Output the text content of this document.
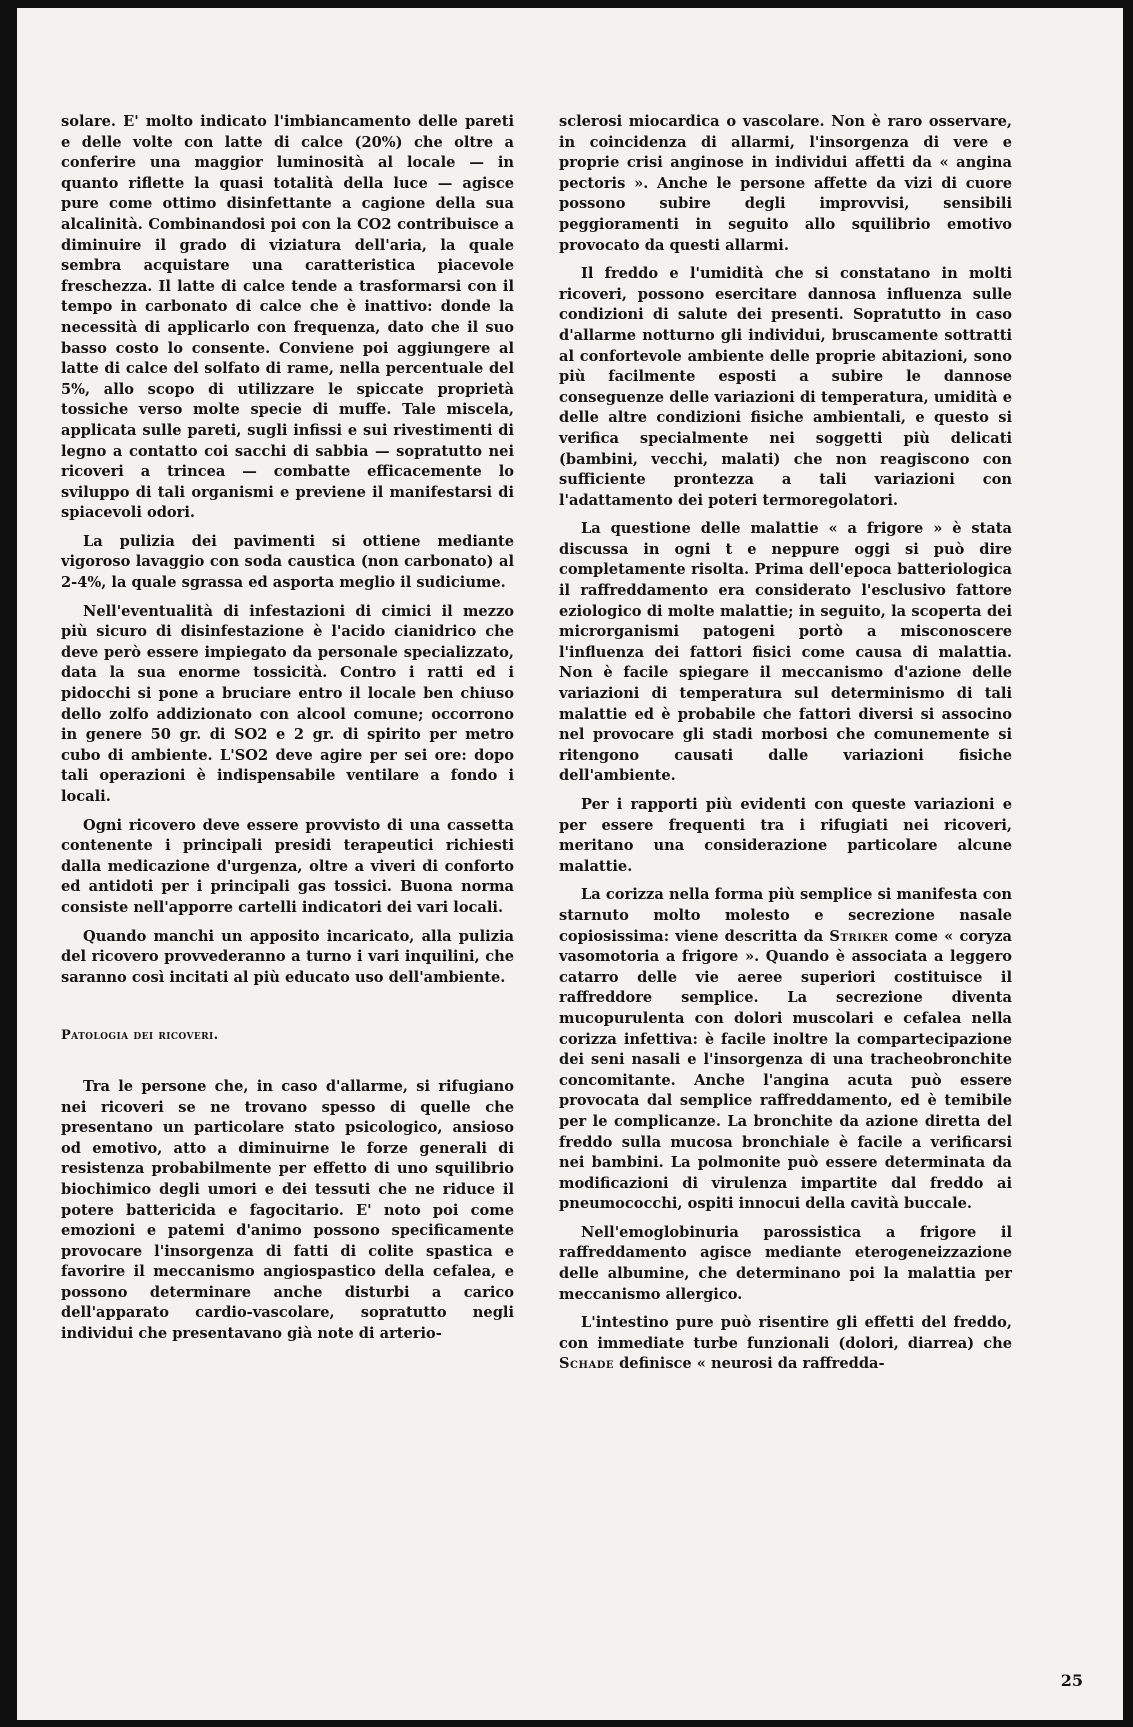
solare. E' molto indicato l'imbiancamento delle pareti e delle volte con latte di calce (20%) che oltre a conferire una maggior luminosità al locale — in quanto riflette la quasi totalità della luce — agisce pure come ottimo disinfettante a cagione della sua alcalinità. Combinandosi poi con la CO2 contribuisce a diminuire il grado di viziatura dell'aria, la quale sembra acquistare una caratteristica piacevole freschezza. Il latte di calce tende a trasformarsi con il tempo in carbonato di calce che è inattivo: donde la necessità di applicarlo con frequenza, dato che il suo basso costo lo consente. Conviene poi aggiungere al latte di calce del solfato di rame, nella percentuale del 5%, allo scopo di utilizzare le spiccate proprietà tossiche verso molte specie di muffe. Tale miscela, applicata sulle pareti, sugli infissi e sui rivestimenti di legno a contatto coi sacchi di sabbia — sopratutto nei ricoveri a trincea — combatte efficacemente lo sviluppo di tali organismi e previene il manifestarsi di spiacevoli odori.

La pulizia dei pavimenti si ottiene mediante vigoroso lavaggio con soda caustica (non carbonato) al 2-4%, la quale sgrassa ed asporta meglio il sudiciume.

Nell'eventualità di infestazioni di cimici il mezzo più sicuro di disinfestazione è l'acido cianidrico che deve però essere impiegato da personale specializzato, data la sua enorme tossicità. Contro i ratti ed i pidocchi si pone a bruciare entro il locale ben chiuso dello zolfo addizionato con alcool comune; occorrono in genere 50 gr. di SO2 e 2 gr. di spirito per metro cubo di ambiente. L'SO2 deve agire per sei ore: dopo tali operazioni è indispensabile ventilare a fondo i locali.

Ogni ricovero deve essere provvisto di una cassetta contenente i principali presidi terapeutici richiesti dalla medicazione d'urgenza, oltre a viveri di conforto ed antidoti per i principali gas tossici. Buona norma consiste nell'apporre cartelli indicatori dei vari locali.

Quando manchi un apposito incaricato, alla pulizia del ricovero provvederanno a turno i vari inquilini, che saranno così incitati al più educato uso dell'ambiente.

Patologia dei ricoveri.

Tra le persone che, in caso d'allarme, si rifugiano nei ricoveri se ne trovano spesso di quelle che presentano un particolare stato psicologico, ansioso od emotivo, atto a diminuirne le forze generali di resistenza probabilmente per effetto di uno squilibrio biochimico degli umori e dei tessuti che ne riduce il potere battericida e fagocitario. E' noto poi come emozioni e patemi d'animo possono specificamente provocare l'insorgenza di fatti di colite spastica e favorire il meccanismo angiospastico della cefalea, e possono determinare anche disturbi a carico dell'apparato cardio-vascolare, sopratutto negli individui che presentavano già note di arterio-

sclerosi miocardica o vascolare. Non è raro osservare, in coincidenza di allarmi, l'insorgenza di vere e proprie crisi anginose in individui affetti da « angina pectoris ». Anche le persone affette da vizi di cuore possono subire degli improvvisi, sensibili peggioramenti in seguito allo squilibrio emotivo provocato da questi allarmi.

Il freddo e l'umidità che si constatano in molti ricoveri, possono esercitare dannosa influenza sulle condizioni di salute dei presenti. Sopratutto in caso d'allarme notturno gli individui, bruscamente sottratti al confortevole ambiente delle proprie abitazioni, sono più facilmente esposti a subire le dannose conseguenze delle variazioni di temperatura, umidità e delle altre condizioni fisiche ambientali, e questo si verifica specialmente nei soggetti più delicati (bambini, vecchi, malati) che non reagiscono con sufficiente prontezza a tali variazioni con l'adattamento dei poteri termoregolatori.

La questione delle malattie « a frigore » è stata discussa in ogni t e neppure oggi si può dire completamente risolta. Prima dell'epoca batteriologica il raffreddamento era considerato l'esclusivo fattore eziologico di molte malattie; in seguito, la scoperta dei microrganismi patogeni portò a misconoscere l'influenza dei fattori fisici come causa di malattia. Non è facile spiegare il meccanismo d'azione delle variazioni di temperatura sul determinismo di tali malattie ed è probabile che fattori diversi si associno nel provocare gli stadi morbosi che comunemente si ritengono causati dalle variazioni fisiche dell'ambiente.

Per i rapporti più evidenti con queste variazioni e per essere frequenti tra i rifugiati nei ricoveri, meritano una considerazione particolare alcune malattie.

La corizza nella forma più semplice si manifesta con starnuto molto molesto e secrezione nasale copiosissima: viene descritta da Striker come « coryza vasomotoria a frigore ». Quando è associata a leggero catarro delle vie aeree superiori costituisce il raffreddore semplice. La secrezione diventa mucopurulenta con dolori muscolari e cefalea nella corizza infettiva: è facile inoltre la compartecipazione dei seni nasali e l'insorgenza di una tracheobronchite concomitante. Anche l'angina acuta può essere provocata dal semplice raffreddamento, ed è temibile per le complicanze. La bronchite da azione diretta del freddo sulla mucosa bronchiale è facile a verificarsi nei bambini. La polmonite può essere determinata da modificazioni di virulenza impartite dal freddo ai pneumococchi, ospiti innocui della cavità buccale.

Nell'emoglobinuria parossistica a frigore il raffreddamento agisce mediante eterogeneizzazione delle albumine, che determinano poi la malattia per meccanismo allergico.

L'intestino pure può risentire gli effetti del freddo, con immediate turbe funzionali (dolori, diarrea) che Schade definisce « neurosi da raffredda-

25
